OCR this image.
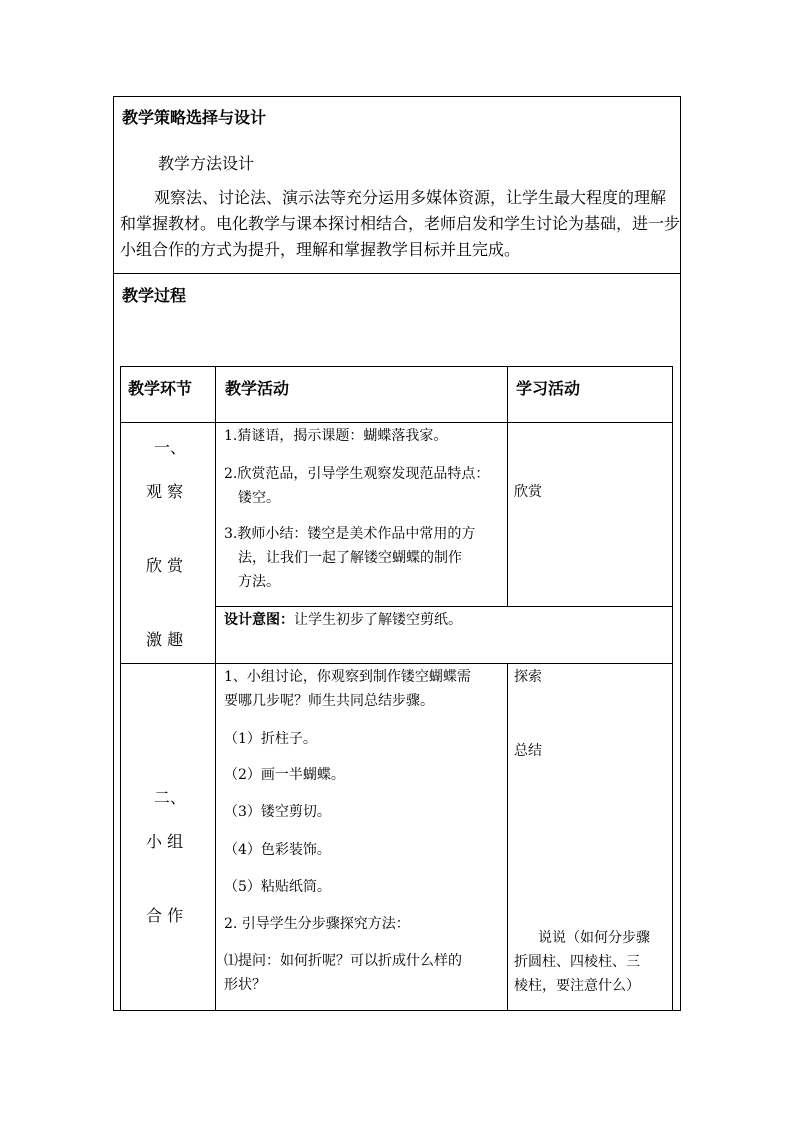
教学策略选择与设计
教学方法设计
观察法、讨论法、演示法等充分运用多媒体资源，让学生最大程度的理解
和掌握教材。电化教学与课本探讨相结合，老师启发和学生讨论为基础，进一步
小组合作的方式为提升，理解和掌握教学目标并且完成。
教学过程
教学环节 教学活动	学习活动
一、
观 察
欣 赏
激 趣
1.猜谜语，揭示课题：蝴蝶落我家。
2.欣赏范品，引导学生观察发现范品特点：
镂空。
3.教师小结：镂空是美术作品中常用的方
法，让我们一起了解镂空蝴蝶的制作
方法。
欣赏
设计意图：让学生初步了解镂空剪纸。
二、
小 组
合 作
1、小组讨论，你观察到制作镂空蝴蝶需
要哪几步呢？师生共同总结步骤。
（1）折柱子。
（2）画一半蝴蝶。
（3）镂空剪切。
（4）色彩装饰。
（5）粘贴纸筒。
2. 引导学生分步骤探究方法：
⑴提问：如何折呢？可以折成什么样的
形状？
探索
总结
说说（如何分步骤
折圆柱、四棱柱、三
棱柱，要注意什么）
